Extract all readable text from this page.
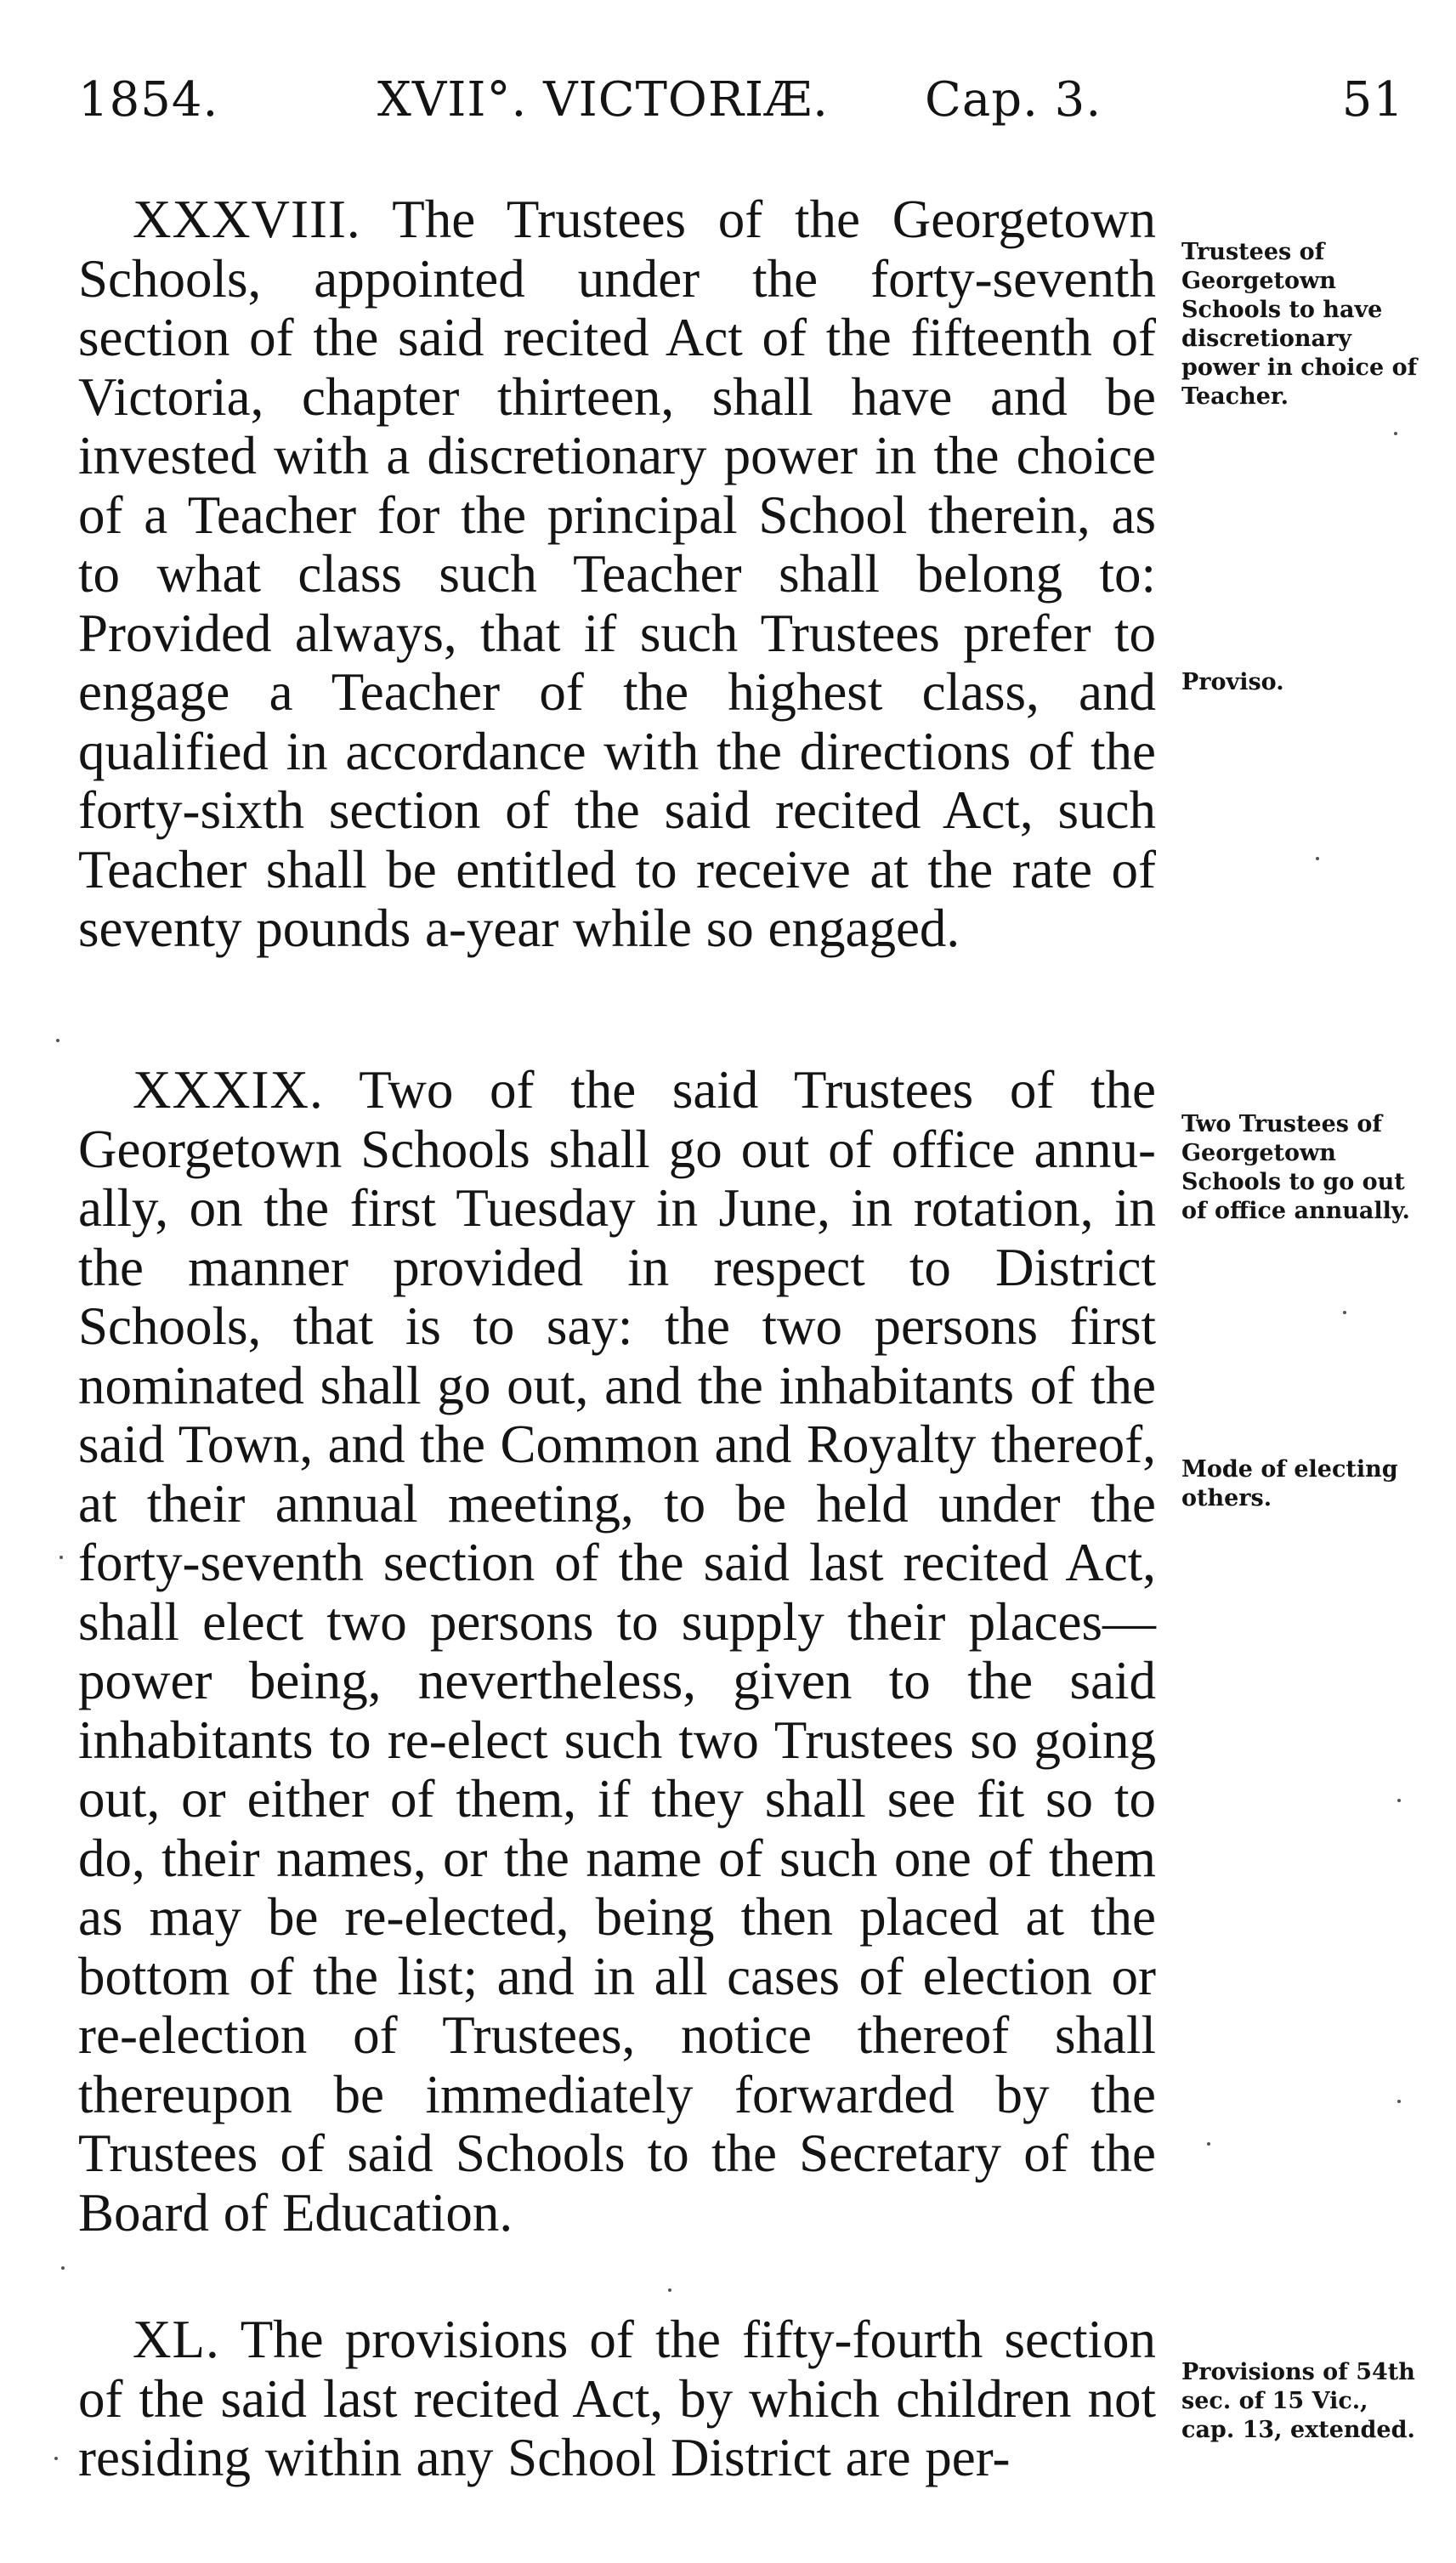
1854.	XVII°. VICTORIÆ. Cap. 3.	51

XXXVIII. The Trustees of the Georgetown Schools, appointed under the forty-seventh section of the said recited Act of the fifteenth of Victoria, chapter thirteen, shall have and be invested with a discretionary power in the choice of a Teacher for the principal School therein, as to what class such Teacher shall belong to: Provided always, that if such Trustees prefer to engage a Teacher of the highest class, and qualified in accordance with the directions of the forty-sixth section of the said recited Act, such Teacher shall be entitled to receive at the rate of seventy pounds a-year while so engaged.

XXXIX. Two of the said Trustees of the Georgetown Schools shall go out of office annually, on the first Tuesday in June, in rotation, in the manner provided in respect to District Schools, that is to say: the two persons first nominated shall go out, and the inhabitants of the said Town, and the Common and Royalty thereof, at their annual meeting, to be held under the forty-seventh section of the said last recited Act, shall elect two persons to supply their places—power being, nevertheless, given to the said inhabitants to re-elect such two Trustees so going out, or either of them, if they shall see fit so to do, their names, or the name of such one of them as may be re-elected, being then placed at the bottom of the list; and in all cases of election or re-election of Trustees, notice thereof shall thereupon be immediately forwarded by the Trustees of said Schools to the Secretary of the Board of Education.

XL. The provisions of the fifty-fourth section of the said last recited Act, by which children not residing within any School District are per-

Trustees of Georgetown Schools to have discretionary power in choice of Teacher.

Proviso.

Two Trustees of Georgetown Schools to go out of office annually.

Mode of electing others.

Provisions of 54th sec. of 15 Vic., cap. 13, extended.
